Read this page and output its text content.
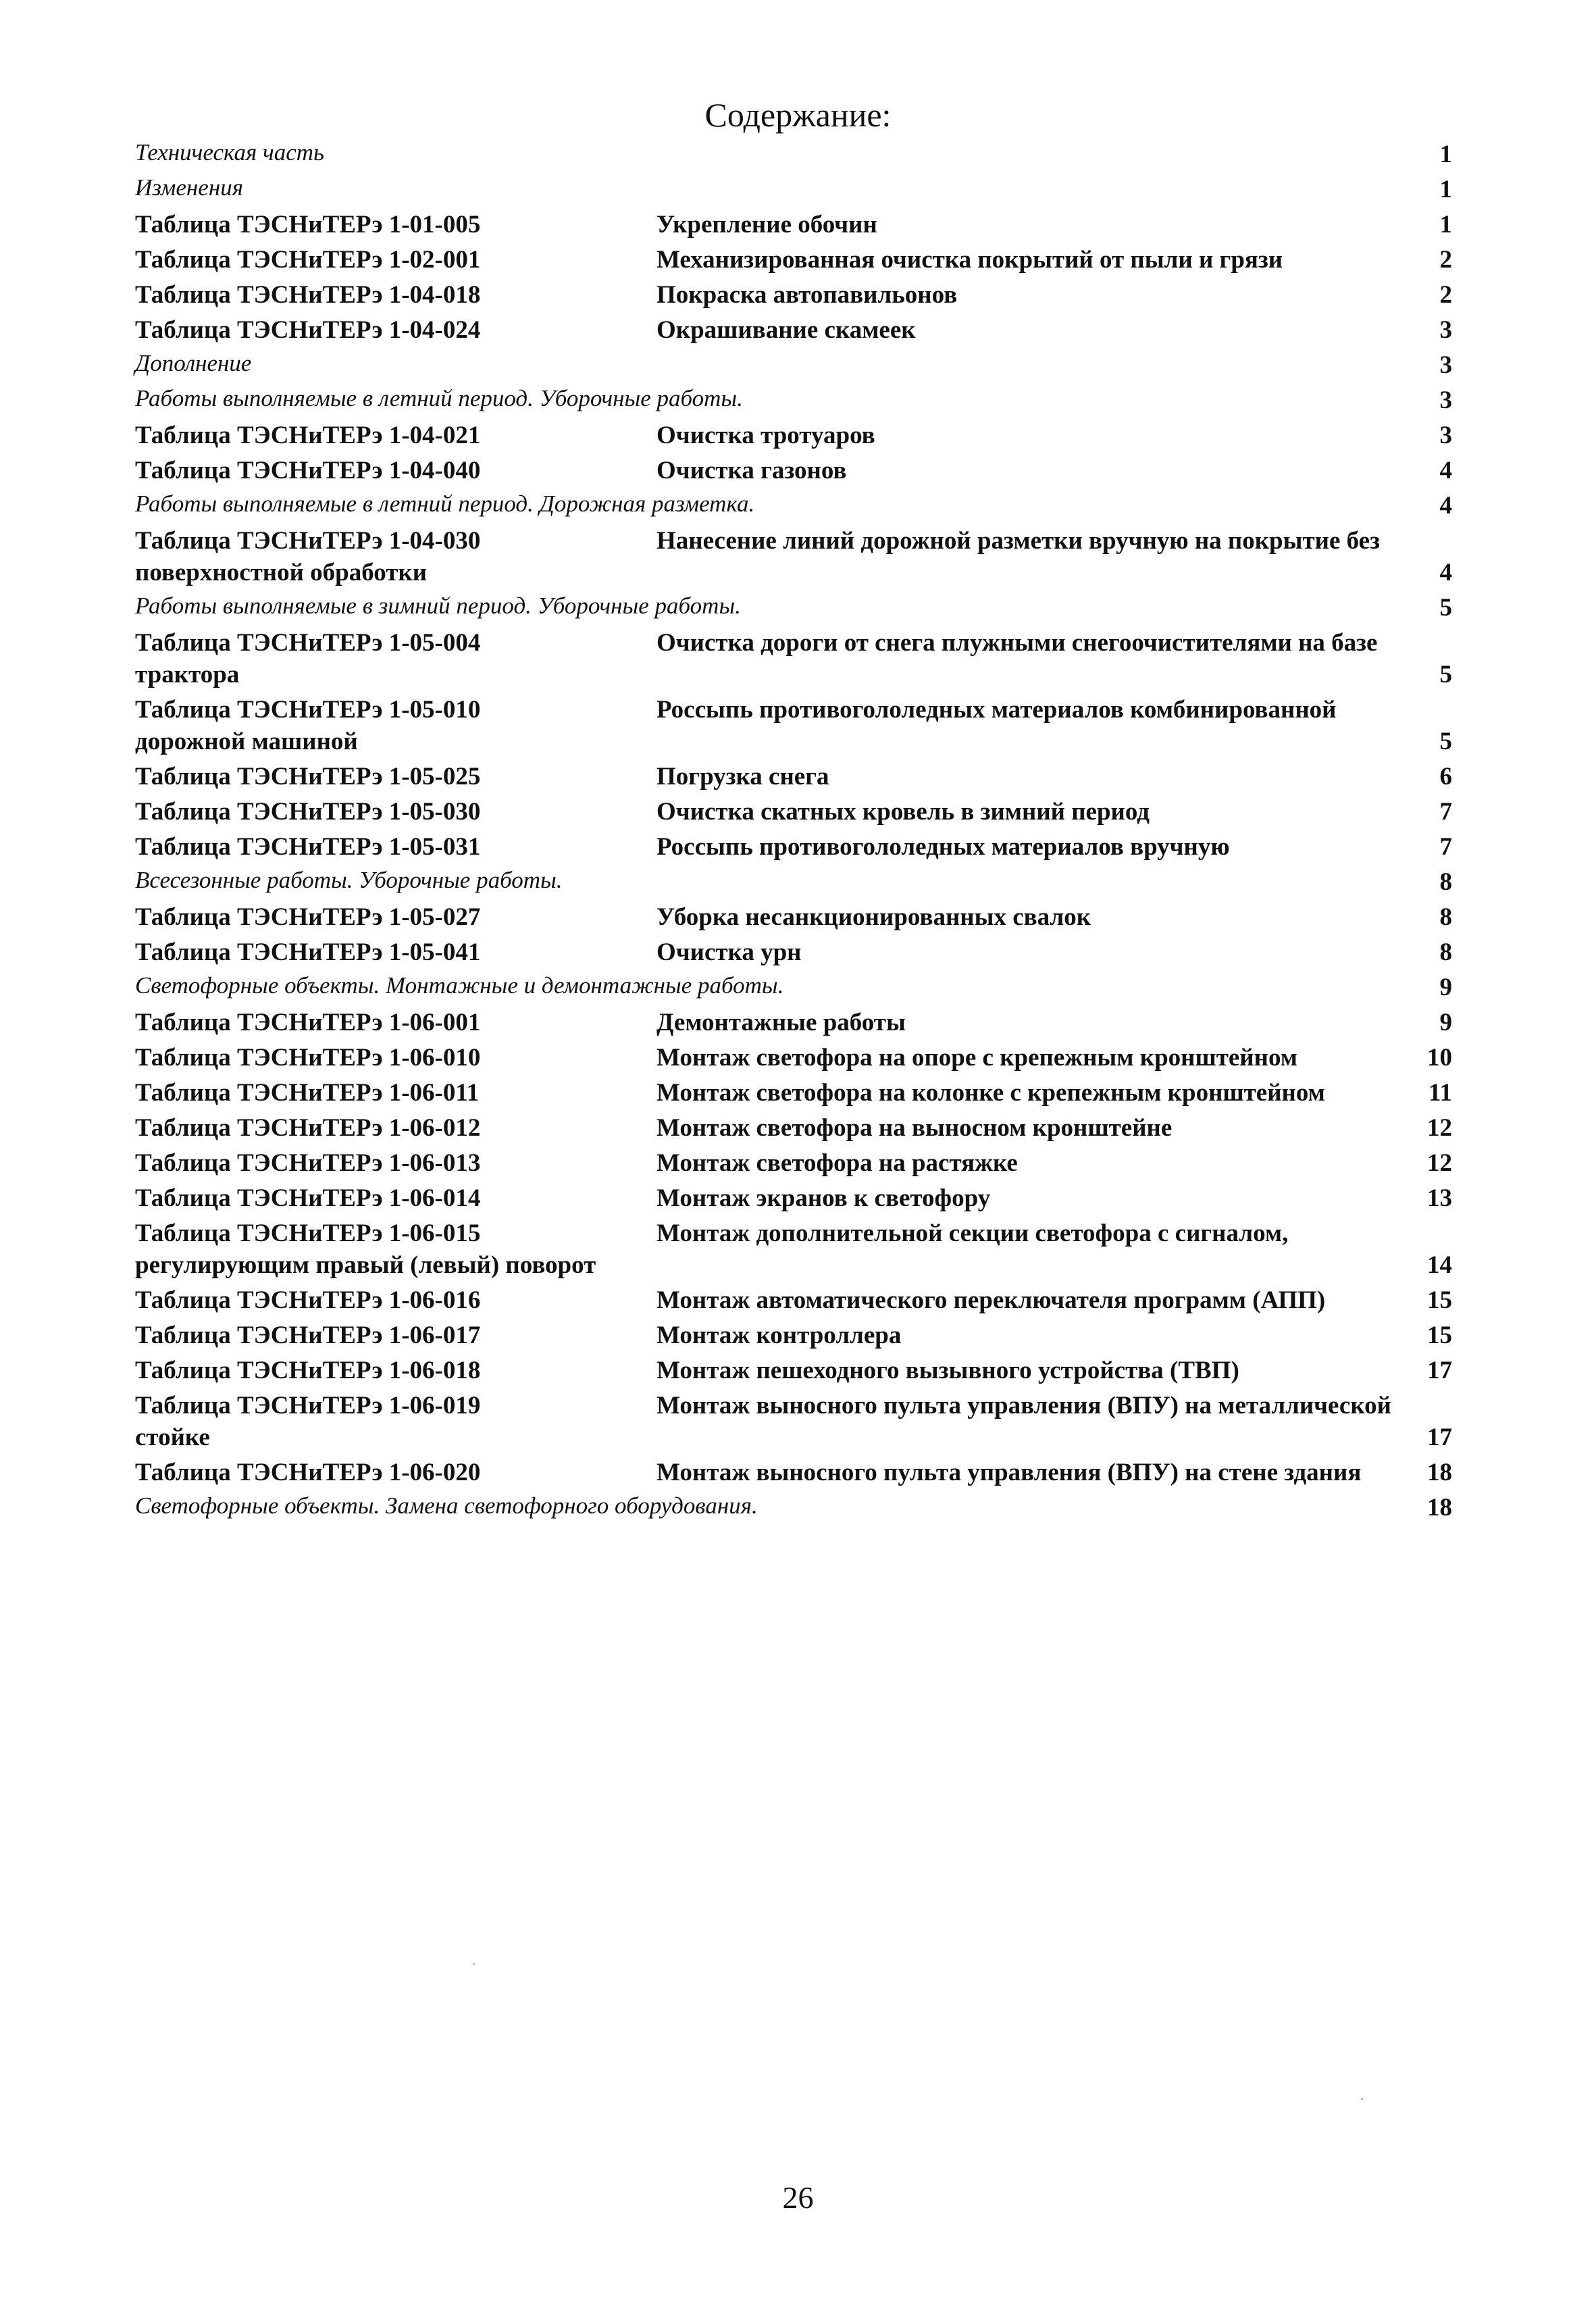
Содержание:
Техническая часть	1
Изменения	1
Таблица ТЭСНиТЕРэ 1-01-005	Укрепление обочин	1
Таблица ТЭСНиТЕРэ 1-02-001	Механизированная очистка покрытий от пыли и грязи	2
Таблица ТЭСНиТЕРэ 1-04-018	Покраска автопавильонов	2
Таблица ТЭСНиТЕРэ 1-04-024	Окрашивание скамеек	3
Дополнение	3
Работы выполняемые в летний период. Уборочные работы.	3
Таблица ТЭСНиТЕРэ 1-04-021	Очистка тротуаров	3
Таблица ТЭСНиТЕРэ 1-04-040	Очистка газонов	4
Работы выполняемые в летний период. Дорожная разметка.	4
Таблица ТЭСНиТЕРэ 1-04-030	Нанесение линий дорожной разметки вручную на покрытие без поверхностной обработки	4
Работы выполняемые в зимний период. Уборочные работы.	5
Таблица ТЭСНиТЕРэ 1-05-004	Очистка дороги от снега плужными снегоочистителями на базе трактора	5
Таблица ТЭСНиТЕРэ 1-05-010	Россыпь противогололедных материалов комбинированной дорожной машиной	5
Таблица ТЭСНиТЕРэ 1-05-025	Погрузка снега	6
Таблица ТЭСНиТЕРэ 1-05-030	Очистка скатных кровель в зимний период	7
Таблица ТЭСНиТЕРэ 1-05-031	Россыпь противогололедных материалов вручную	7
Всесезонные работы. Уборочные работы.	8
Таблица ТЭСНиТЕРэ 1-05-027	Уборка несанкционированных свалок	8
Таблица ТЭСНиТЕРэ 1-05-041	Очистка урн	8
Светофорные объекты. Монтажные и демонтажные работы.	9
Таблица ТЭСНиТЕРэ 1-06-001	Демонтажные работы	9
Таблица ТЭСНиТЕРэ 1-06-010	Монтаж светофора на опоре с крепежным кронштейном	10
Таблица ТЭСНиТЕРэ 1-06-011	Монтаж светофора на колонке с крепежным кронштейном	11
Таблица ТЭСНиТЕРэ 1-06-012	Монтаж светофора на выносном кронштейне	12
Таблица ТЭСНиТЕРэ 1-06-013	Монтаж светофора на растяжке	12
Таблица ТЭСНиТЕРэ 1-06-014	Монтаж экранов к светофору	13
Таблица ТЭСНиТЕРэ 1-06-015	Монтаж дополнительной секции светофора с сигналом, регулирующим правый (левый) поворот	14
Таблица ТЭСНиТЕРэ 1-06-016	Монтаж автоматического переключателя программ (АПП)	15
Таблица ТЭСНиТЕРэ 1-06-017	Монтаж контроллера	15
Таблица ТЭСНиТЕРэ 1-06-018	Монтаж пешеходного вызывного устройства (ТВП)	17
Таблица ТЭСНиТЕРэ 1-06-019	Монтаж выносного пульта управления (ВПУ) на металлической стойке	17
Таблица ТЭСНиТЕРэ 1-06-020	Монтаж выносного пульта управления (ВПУ) на стене здания	18
Светофорные объекты. Замена светофорного оборудования.	18
26
